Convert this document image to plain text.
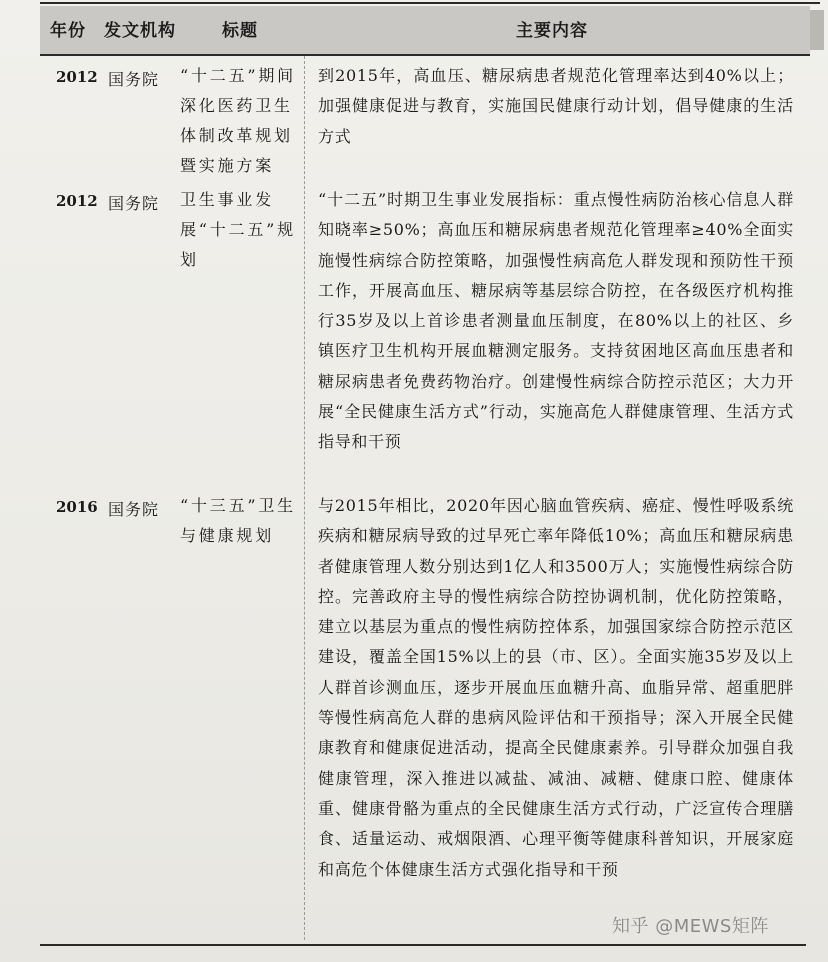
年份 发文机构	标题	主要内容
2012 国务院 “十二五”期间深化医药卫生体制改革规划暨实施方案
到2015年，高血压、糖尿病患者规范化管理率达到40%以上；加强健康促进与教育，实施国民健康行动计划，倡导健康的生活方式
2012 国务院 卫生事业发展“十二五”规划
“十二五”时期卫生事业发展指标：重点慢性病防治核心信息人群知晓率≥50%；高血压和糖尿病患者规范化管理率≥40%全面实施慢性病综合防控策略，加强慢性病高危人群发现和预防性干预工作，开展高血压、糖尿病等基层综合防控，在各级医疗机构推行35岁及以上首诊患者测量血压制度，在80%以上的社区、乡镇医疗卫生机构开展血糖测定服务。支持贫困地区高血压患者和糖尿病患者免费药物治疗。创建慢性病综合防控示范区；大力开展“全民健康生活方式”行动，实施高危人群健康管理、生活方式指导和干预
2016 国务院 “十三五”卫生与健康规划
与2015年相比，2020年因心脑血管疾病、癌症、慢性呼吸系统疾病和糖尿病导致的过早死亡率年降低10%；高血压和糖尿病患者健康管理人数分别达到1亿人和3500万人；实施慢性病综合防控。完善政府主导的慢性病综合防控协调机制，优化防控策略，建立以基层为重点的慢性病防控体系，加强国家综合防控示范区建设，覆盖全国15%以上的县（市、区）。全面实施35岁及以上人群首诊测血压，逐步开展血压血糖升高、血脂异常、超重肥胖等慢性病高危人群的患病风险评估和干预指导；深入开展全民健康教育和健康促进活动，提高全民健康素养。引导群众加强自我健康管理，深入推进以减盐、减油、减糖、健康口腔、健康体重、健康骨骼为重点的全民健康生活方式行动，广泛宣传合理膳食、适量运动、戒烟限酒、心理平衡等健康科普知识，开展家庭和高危个体健康生活方式强化指导和干预
知乎 @MEWS矩阵
